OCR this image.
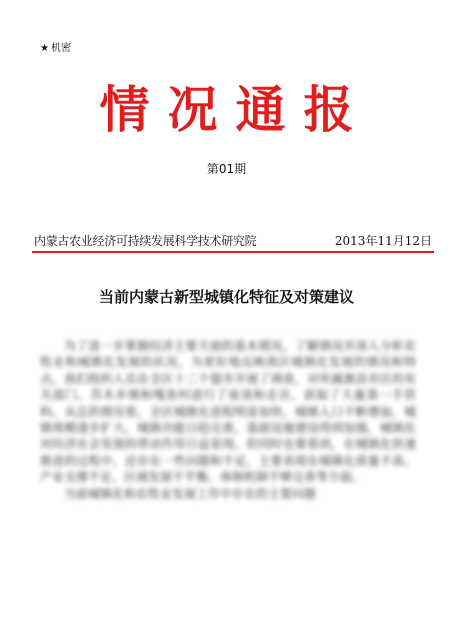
★ 机密
情况通报
第01期
内蒙古农业经济可持续发展科学技术研究院	2013年11月12日
当前内蒙古新型城镇化特征及对策建议

为了进一步掌握经济主要方面的基本情况，了解情况并深入分析农牧业和城镇化发展的状况，为更好地反映我区城镇化发展的情况和特点，我们组织人员在全区十二个盟市开展了调查，对所属旗县市区的有关部门、苏木乡镇和嘎查村进行了座谈和走访，获取了大量第一手资料。从总的情况看，全区城镇化进程明显加快，城镇人口不断增加，城镇规模逐步扩大，城镇功能日趋完善，基础设施建设得到加强，城镇化对经济社会发展的带动作用日益显现。但同时也要看到，在城镇化快速推进的过程中，还存在一些问题和不足，主要表现在城镇化质量不高、产业支撑不足、区域发展不平衡、体制机制不够完善等方面。

当前城镇化和农牧业发展工作中存在的主要问题
